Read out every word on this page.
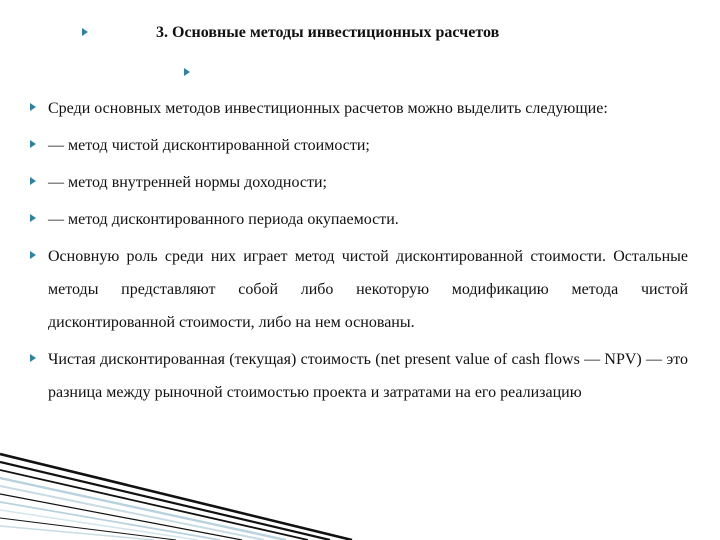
3. Основные методы инвестиционных расчетов

Среди основных методов инвестиционных расчетов можно выделить следующие:

— метод чистой дисконтированной стоимости;

— метод внутренней нормы доходности;

— метод дисконтированного периода окупаемости.

Основную роль среди них играет метод чистой дисконтированной стоимости. Остальные методы представляют собой либо некоторую модификацию метода чистой дисконтированной стоимости, либо на нем основаны.

Чистая дисконтированная (текущая) стоимость (net present value of cash flows — NPV) — это разница между рыночной стоимостью проекта и затратами на его реализацию
